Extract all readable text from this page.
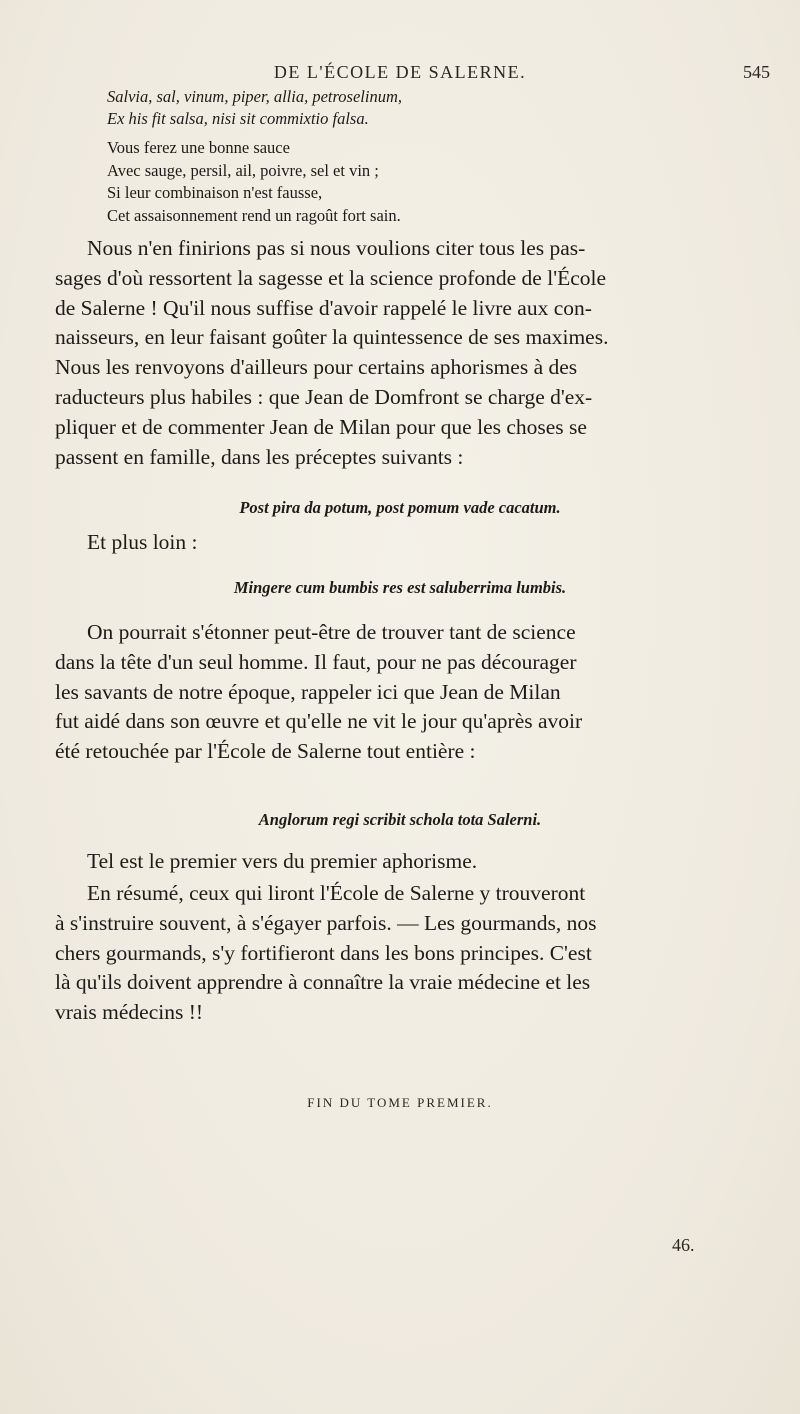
DE L'ÉCOLE DE SALERNE.	545
Salvia, sal, vinum, piper, allia, petroselinum,
Ex his fit salsa, nisi sit commixtio falsa.
Vous ferez une bonne sauce
Avec sauge, persil, ail, poivre, sel et vin ;
Si leur combinaison n'est fausse,
Cet assaisonnement rend un ragoût fort sain.
Nous n'en finirions pas si nous voulions citer tous les pas-
sages d'où ressortent la sagesse et la science profonde de l'École
de Salerne ! Qu'il nous suffise d'avoir rappelé le livre aux con-
naisseurs, en leur faisant goûter la quintessence de ses maximes.
Nous les renvoyons d'ailleurs pour certains aphorismes à des
raducteurs plus habiles : que Jean de Domfront se charge d'ex-
pliquer et de commenter Jean de Milan pour que les choses se
passent en famille, dans les préceptes suivants :
Post pira da potum, post pomum vade cacatum.
Et plus loin :
Mingere cum bumbis res est saluberrima lumbis.
On pourrait s'étonner peut-être de trouver tant de science
dans la tête d'un seul homme. Il faut, pour ne pas décourager
les savants de notre époque, rappeler ici que Jean de Milan
fut aidé dans son œuvre et qu'elle ne vit le jour qu'après avoir
été retouchée par l'École de Salerne tout entière :
Anglorum regi scribit schola tota Salerni.
Tel est le premier vers du premier aphorisme.
En résumé, ceux qui liront l'École de Salerne y trouveront
à s'instruire souvent, à s'égayer parfois. — Les gourmands, nos
chers gourmands, s'y fortifieront dans les bons principes. C'est
là qu'ils doivent apprendre à connaître la vraie médecine et les
vrais médecins !!
FIN DU TOME PREMIER.
46.
